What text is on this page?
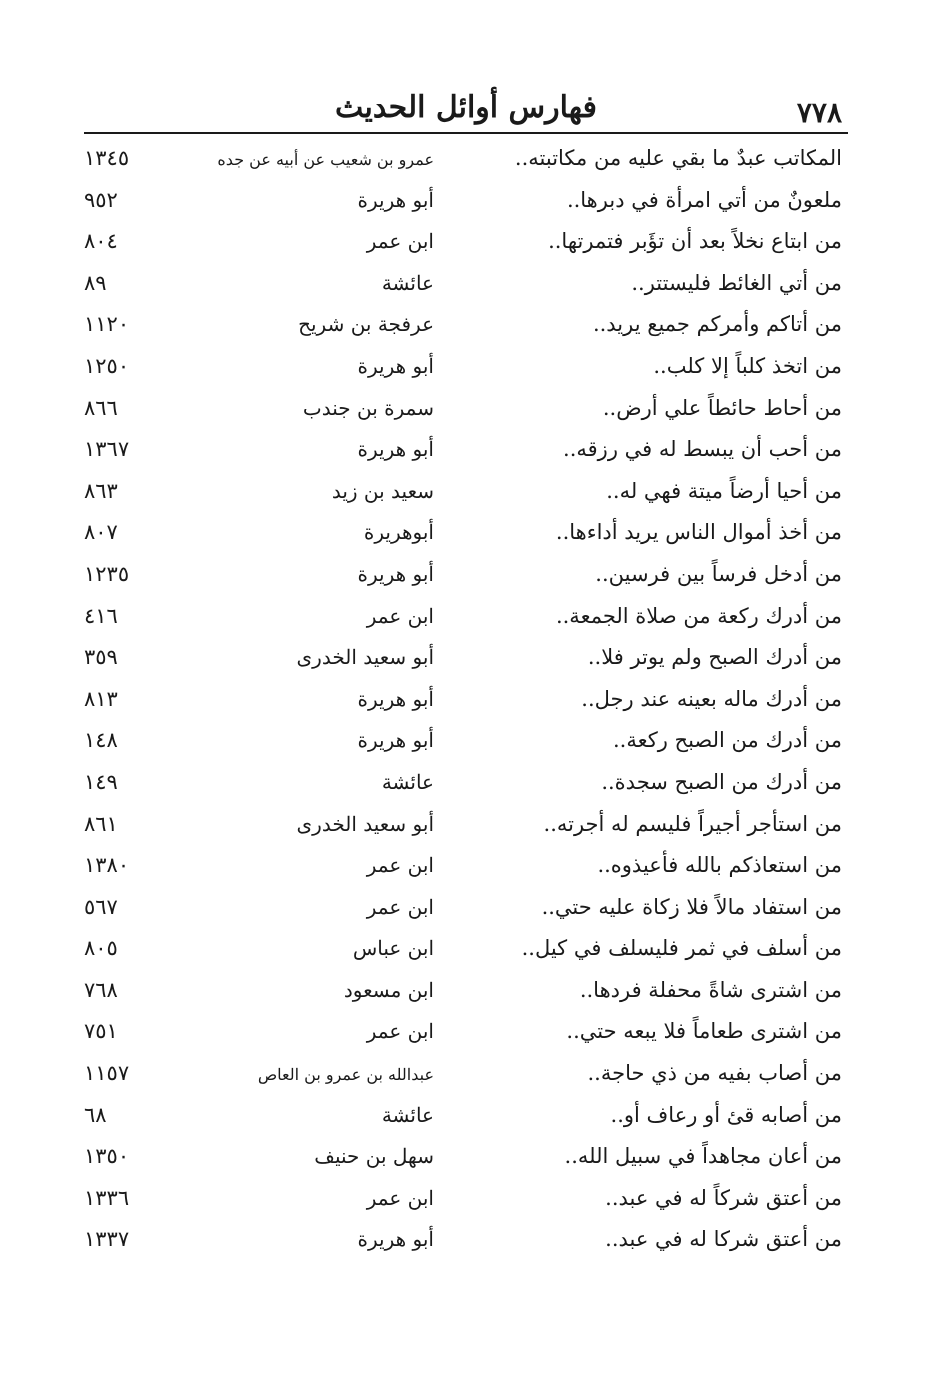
فهارس أوائل الحديث	٧٧٨
المكاتب عبدٌ ما بقي عليه من مكاتبته..
عمرو بن شعيب عن أبيه عن جده
١٣٤٥
ملعونٌ من أتي امرأة في دبرها..
أبو هريرة
٩٥٢
من ابتاع نخلاً بعد أن تؤَبر فتمرتها..
ابن عمر
٨٠٤
من أتي الغائط فليستتر..
عائشة
٨٩
من أتاكم وأمركم جميع يريد..
عرفجة بن شريح
١١٢٠
من اتخذ كلباً إلا كلب..
أبو هريرة
١٢٥٠
من أحاط حائطاً علي أرض..
سمرة بن جندب
٨٦٦
من أحب أن يبسط له في رزقه..
أبو هريرة
١٣٦٧
من أحيا أرضاً ميتة فهي له..
سعيد بن زيد
٨٦٣
من أخذ أموال الناس يريد أداءها..
أبوهريرة
٨٠٧
من أدخل فرساً بين فرسين..
أبو هريرة
١٢٣٥
من أدرك ركعة من صلاة الجمعة..
ابن عمر
٤١٦
من أدرك الصبح ولم يوتر فلا..
أبو سعيد الخدرى
٣٥٩
من أدرك ماله بعينه عند رجل..
أبو هريرة
٨١٣
من أدرك من الصبح ركعة..
أبو هريرة
١٤٨
من أدرك من الصبح سجدة..
عائشة
١٤٩
من استأجر أجيراً فليسم له أجرته..
أبو سعيد الخدرى
٨٦١
من استعاذكم بالله فأعيذوه..
ابن عمر
١٣٨٠
من استفاد مالاً فلا زكاة عليه حتي..
ابن عمر
٥٦٧
من أسلف في ثمر فليسلف في كيل..
ابن عباس
٨٠٥
من اشترى شاةً محفلة فردها..
ابن مسعود
٧٦٨
من اشترى طعاماً فلا يبعه حتي..
ابن عمر
٧٥١
من أصاب بفيه من ذي حاجة..
عبدالله بن عمرو بن العاص
١١٥٧
من أصابه قئ أو رعاف أو..
عائشة
٦٨
من أعان مجاهداً في سبيل الله..
سهل بن حنيف
١٣٥٠
من أعتق شركاً له في عبد..
ابن عمر
١٣٣٦
من أعتق شركا له في عبد..
أبو هريرة
١٣٣٧
